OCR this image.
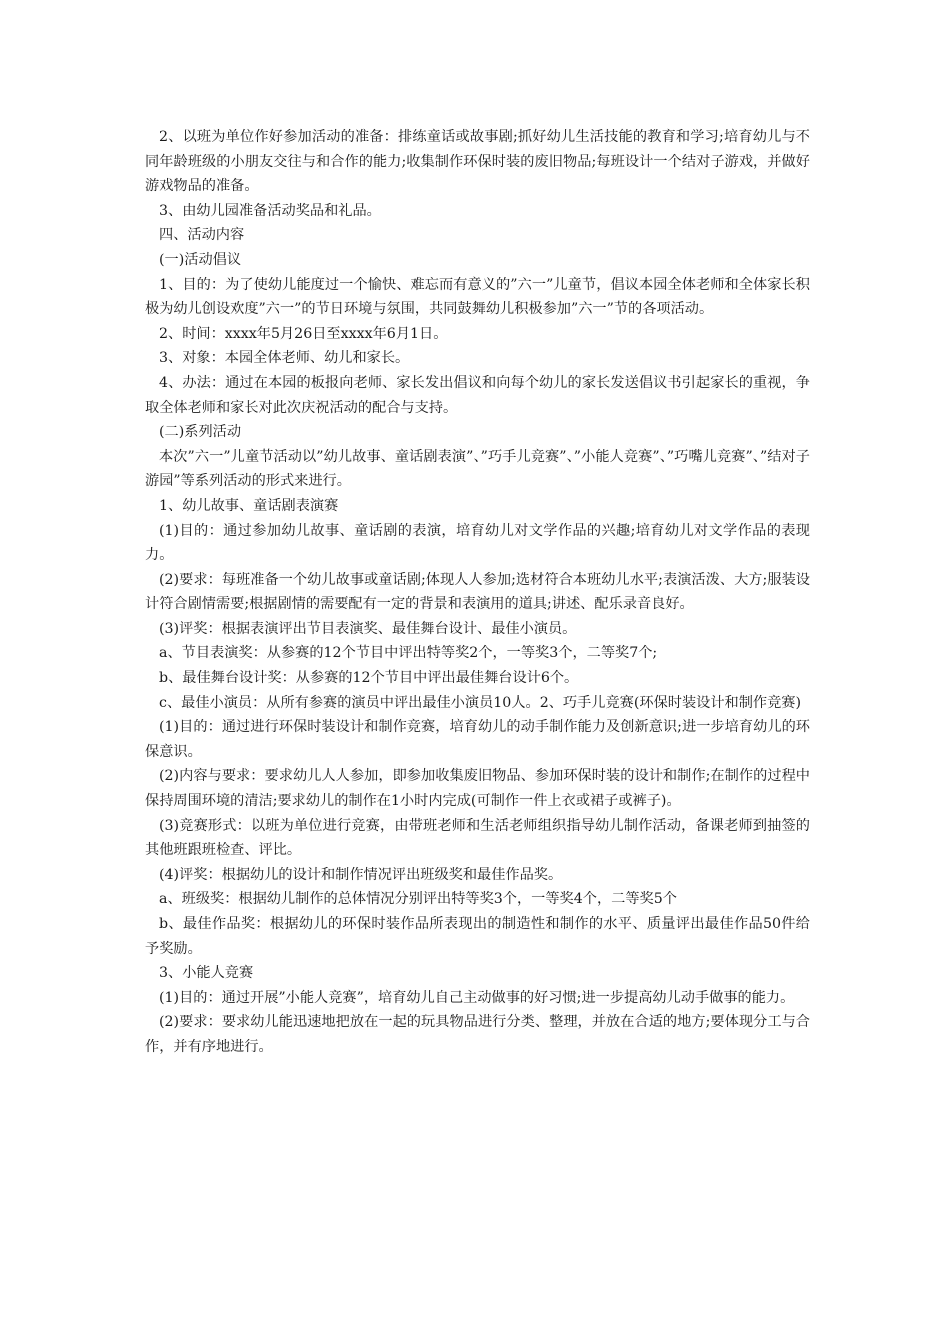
2、以班为单位作好参加活动的准备：排练童话或故事剧;抓好幼儿生活技能的教育和学习;培育幼儿与不同年龄班级的小朋友交往与和合作的能力;收集制作环保时装的废旧物品;每班设计一个结对子游戏，并做好游戏物品的准备。

3、由幼儿园准备活动奖品和礼品。

四、活动内容

(一)活动倡议

1、目的：为了使幼儿能度过一个愉快、难忘而有意义的”六一”儿童节，倡议本园全体老师和全体家长积极为幼儿创设欢度”六一”的节日环境与氛围，共同鼓舞幼儿积极参加”六一”节的各项活动。

2、时间：xxxx年5月26日至xxxx年6月1日。

3、对象：本园全体老师、幼儿和家长。

4、办法：通过在本园的板报向老师、家长发出倡议和向每个幼儿的家长发送倡议书引起家长的重视，争取全体老师和家长对此次庆祝活动的配合与支持。

(二)系列活动

本次”六一”儿童节活动以”幼儿故事、童话剧表演”、”巧手儿竞赛”、”小能人竞赛”、”巧嘴儿竞赛”、”结对子游园”等系列活动的形式来进行。

1、幼儿故事、童话剧表演赛

(1)目的：通过参加幼儿故事、童话剧的表演，培育幼儿对文学作品的兴趣;培育幼儿对文学作品的表现力。

(2)要求：每班准备一个幼儿故事或童话剧;体现人人参加;选材符合本班幼儿水平;表演活泼、大方;服装设计符合剧情需要;根据剧情的需要配有一定的背景和表演用的道具;讲述、配乐录音良好。

(3)评奖：根据表演评出节目表演奖、最佳舞台设计、最佳小演员。

a、节目表演奖：从参赛的12个节目中评出特等奖2个，一等奖3个，二等奖7个;

b、最佳舞台设计奖：从参赛的12个节目中评出最佳舞台设计6个。

c、最佳小演员：从所有参赛的演员中评出最佳小演员10人。2、巧手儿竞赛(环保时装设计和制作竞赛)

(1)目的：通过进行环保时装设计和制作竞赛，培育幼儿的动手制作能力及创新意识;进一步培育幼儿的环保意识。

(2)内容与要求：要求幼儿人人参加，即参加收集废旧物品、参加环保时装的设计和制作;在制作的过程中保持周围环境的清洁;要求幼儿的制作在1小时内完成(可制作一件上衣或裙子或裤子)。

(3)竞赛形式：以班为单位进行竞赛，由带班老师和生活老师组织指导幼儿制作活动，备课老师到抽签的其他班跟班检查、评比。

(4)评奖：根据幼儿的设计和制作情况评出班级奖和最佳作品奖。

a、班级奖：根据幼儿制作的总体情况分别评出特等奖3个，一等奖4个，二等奖5个

b、最佳作品奖：根据幼儿的环保时装作品所表现出的制造性和制作的水平、质量评出最佳作品50件给予奖励。

3、小能人竞赛

(1)目的：通过开展”小能人竞赛”，培育幼儿自己主动做事的好习惯;进一步提高幼儿动手做事的能力。

(2)要求：要求幼儿能迅速地把放在一起的玩具物品进行分类、整理，并放在合适的地方;要体现分工与合作，并有序地进行。
